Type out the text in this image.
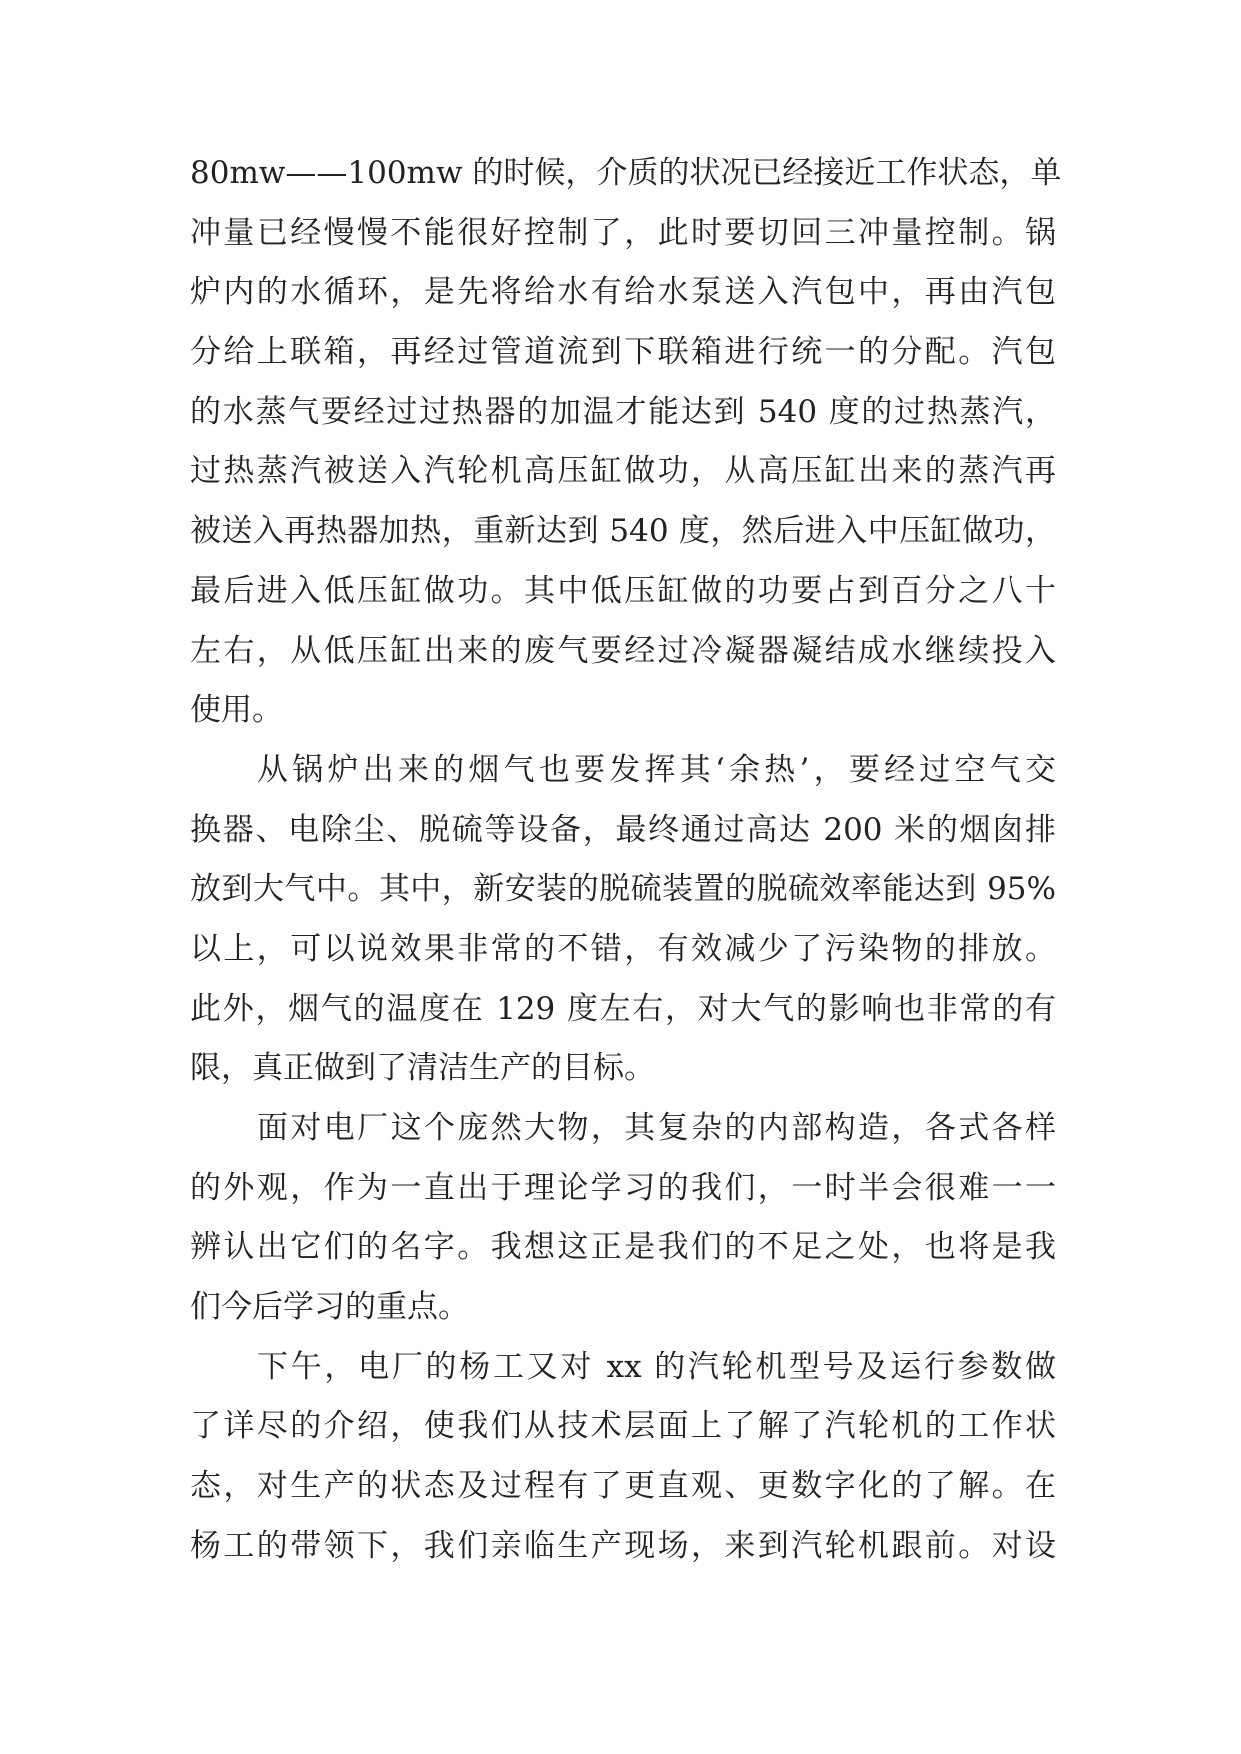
80mw——100mw 的时候，介质的状况已经接近工作状态，单
冲量已经慢慢不能很好控制了，此时要切回三冲量控制。锅
炉内的水循环，是先将给水有给水泵送入汽包中，再由汽包
分给上联箱，再经过管道流到下联箱进行统一的分配。汽包
的水蒸气要经过过热器的加温才能达到 540 度的过热蒸汽，
过热蒸汽被送入汽轮机高压缸做功，从高压缸出来的蒸汽再
被送入再热器加热，重新达到 540 度，然后进入中压缸做功，
最后进入低压缸做功。其中低压缸做的功要占到百分之八十
左右，从低压缸出来的废气要经过冷凝器凝结成水继续投入
使用。
从锅炉出来的烟气也要发挥其‘余热’，要经过空气交
换器、电除尘、脱硫等设备，最终通过高达 200 米的烟囱排
放到大气中。其中，新安装的脱硫装置的脱硫效率能达到 95%
以上，可以说效果非常的不错，有效减少了污染物的排放。
此外，烟气的温度在 129 度左右，对大气的影响也非常的有
限，真正做到了清洁生产的目标。
面对电厂这个庞然大物，其复杂的内部构造，各式各样
的外观，作为一直出于理论学习的我们，一时半会很难一一
辨认出它们的名字。我想这正是我们的不足之处，也将是我
们今后学习的重点。
下午，电厂的杨工又对 xx 的汽轮机型号及运行参数做
了详尽的介绍，使我们从技术层面上了解了汽轮机的工作状
态，对生产的状态及过程有了更直观、更数字化的了解。在
杨工的带领下，我们亲临生产现场，来到汽轮机跟前。对设
